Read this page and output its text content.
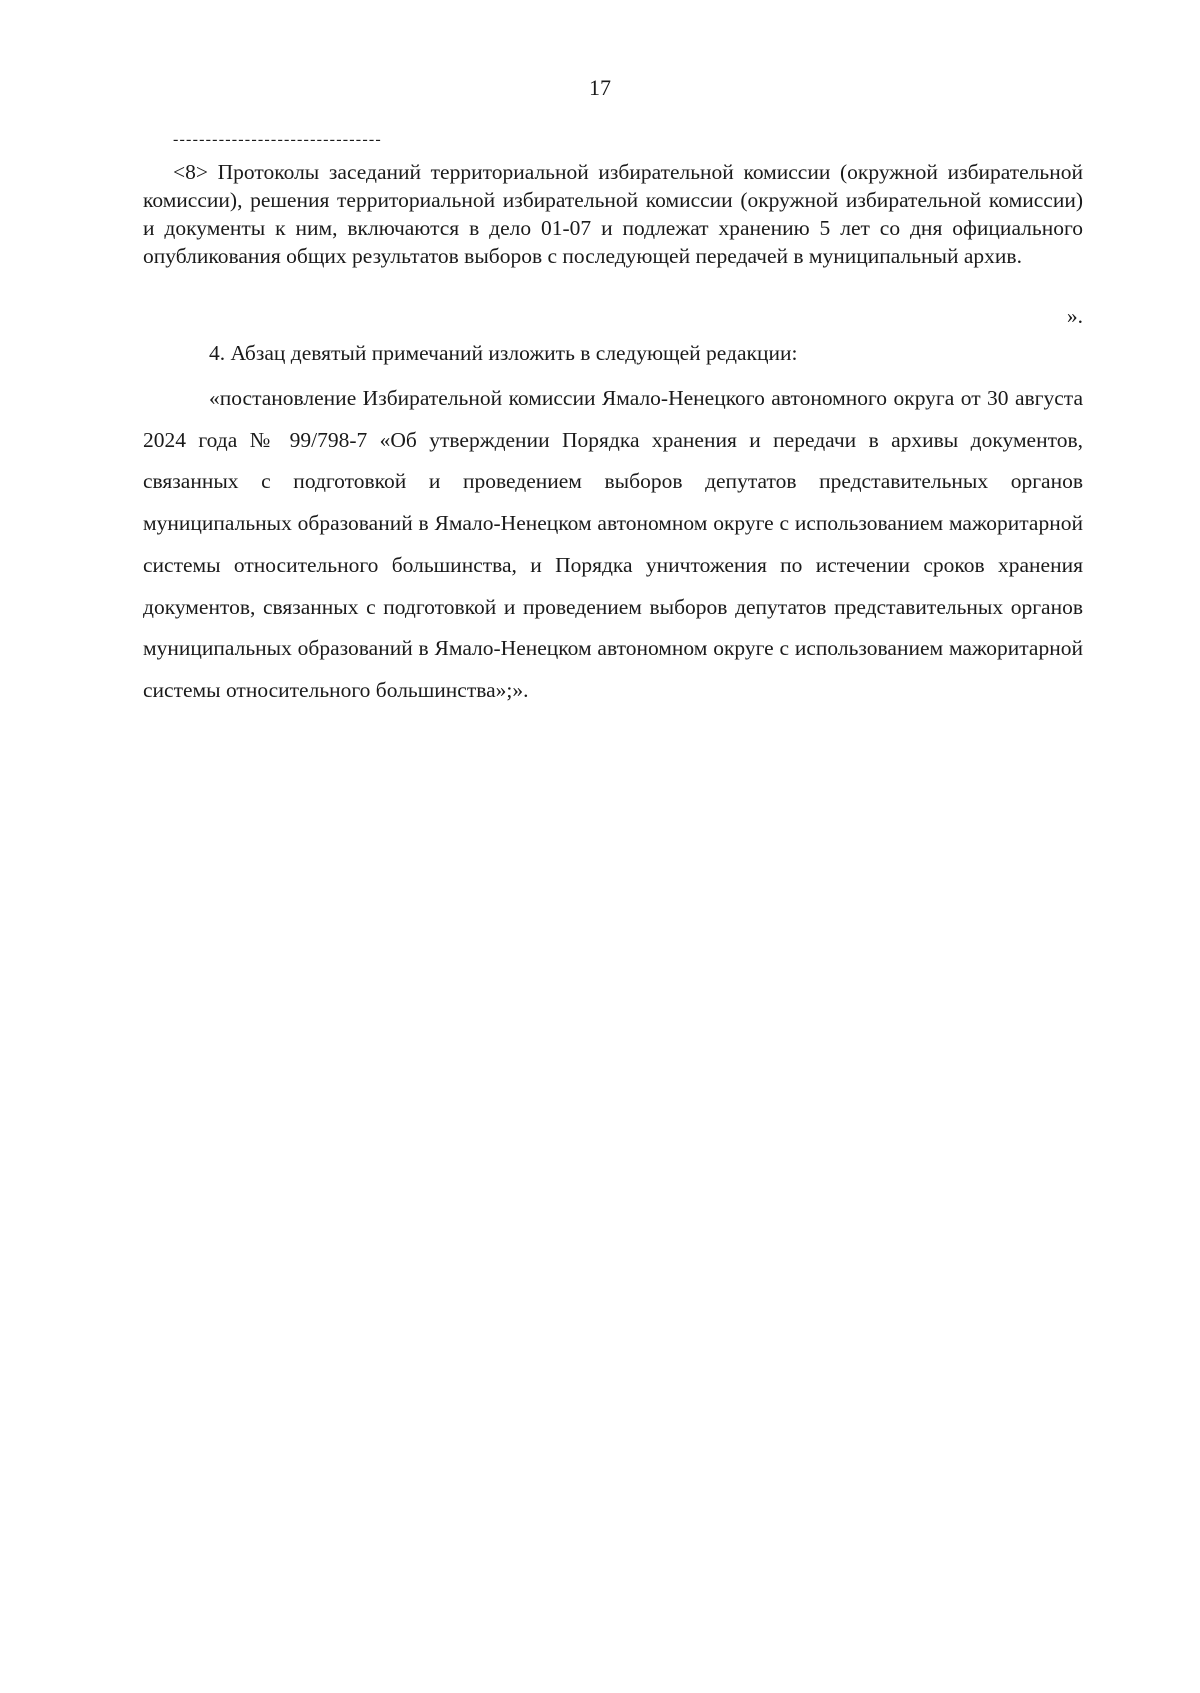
17
--------------------------------

<8> Протоколы заседаний территориальной избирательной комиссии (окружной избирательной комиссии), решения территориальной избирательной комиссии (окружной избирательной комиссии) и документы к ним, включаются в дело 01-07 и подлежат хранению 5 лет со дня официального опубликования общих результатов выборов с последующей передачей в муниципальный архив.

».

4. Абзац девятый примечаний изложить в следующей редакции:

«постановление Избирательной комиссии Ямало-Ненецкого автономного округа от 30 августа 2024 года № 99/798-7 «Об утверждении Порядка хранения и передачи в архивы документов, связанных с подготовкой и проведением выборов депутатов представительных органов муниципальных образований в Ямало-Ненецком автономном округе с использованием мажоритарной системы относительного большинства, и Порядка уничтожения по истечении сроков хранения документов, связанных с подготовкой и проведением выборов депутатов представительных органов муниципальных образований в Ямало-Ненецком автономном округе с использованием мажоритарной системы относительного большинства»;».
